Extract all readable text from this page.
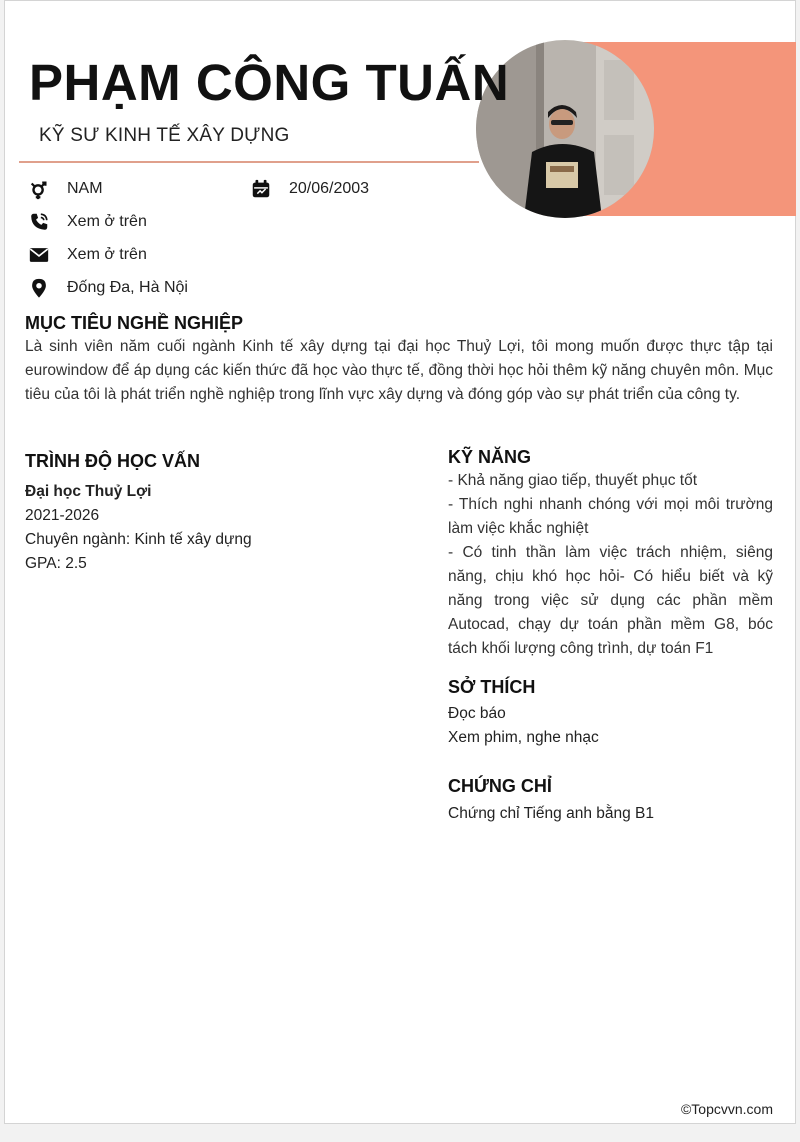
PHẠM CÔNG TUẤN
KỸ SƯ KINH TẾ XÂY DỰNG
NAM	20/06/2003
Xem ở trên
Xem ở trên
Đống Đa, Hà Nội
MỤC TIÊU NGHỀ NGHIỆP
Là sinh viên năm cuối ngành Kinh tế xây dựng tại đại học Thuỷ Lợi, tôi mong muốn được thực tập tại eurowindow để áp dụng các kiến thức đã học vào thực tế, đồng thời học hỏi thêm kỹ năng chuyên môn. Mục tiêu của tôi là phát triển nghề nghiệp trong lĩnh vực xây dựng và đóng góp vào sự phát triển của công ty.
TRÌNH ĐỘ HỌC VẤN
Đại học Thuỷ Lợi
2021-2026
Chuyên ngành: Kinh tế xây dựng
GPA: 2.5
KỸ NĂNG
- Khả năng giao tiếp, thuyết phục tốt
- Thích nghi nhanh chóng với mọi môi trường làm việc khắc nghiệt
- Có tinh thần làm việc trách nhiệm, siêng năng, chịu khó học hỏi- Có hiểu biết và kỹ năng trong việc sử dụng các phần mềm Autocad, chạy dự toán phần mềm G8, bóc tách khối lượng công trình, dự toán F1
SỞ THÍCH
Đọc báo
Xem phim, nghe nhạc
CHỨNG CHỈ
Chứng chỉ Tiếng anh bằng B1
©Topcvvn.com
